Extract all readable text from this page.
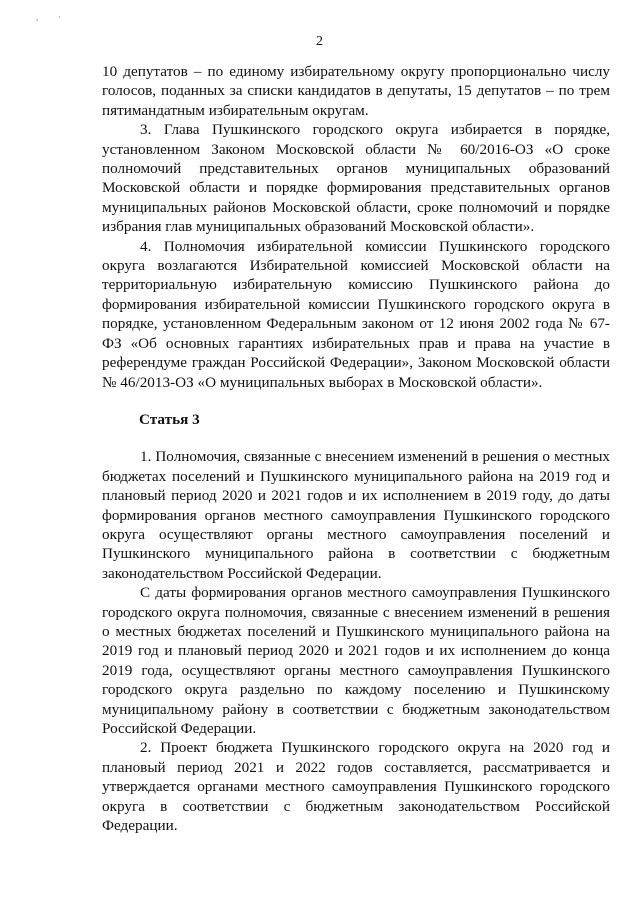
, ·
2

10 депутатов – по единому избирательному округу пропорционально числу голосов, поданных за списки кандидатов в депутаты, 15 депутатов – по трем пятимандатным избирательным округам.

3. Глава Пушкинского городского округа избирается в порядке, установленном Законом Московской области № 60/2016-ОЗ «О сроке полномочий представительных органов муниципальных образований Московской области и порядке формирования представительных органов муниципальных районов Московской области, сроке полномочий и порядке избрания глав муниципальных образований Московской области».

4. Полномочия избирательной комиссии Пушкинского городского округа возлагаются Избирательной комиссией Московской области на территориальную избирательную комиссию Пушкинского района до формирования избирательной комиссии Пушкинского городского округа в порядке, установленном Федеральным законом от 12 июня 2002 года № 67-ФЗ «Об основных гарантиях избирательных прав и права на участие в референдуме граждан Российской Федерации», Законом Московской области № 46/2013-ОЗ «О муниципальных выборах в Московской области».

Статья 3

1. Полномочия, связанные с внесением изменений в решения о местных бюджетах поселений и Пушкинского муниципального района на 2019 год и плановый период 2020 и 2021 годов и их исполнением в 2019 году, до даты формирования органов местного самоуправления Пушкинского городского округа осуществляют органы местного самоуправления поселений и Пушкинского муниципального района в соответствии с бюджетным законодательством Российской Федерации.

С даты формирования органов местного самоуправления Пушкинского городского округа полномочия, связанные с внесением изменений в решения о местных бюджетах поселений и Пушкинского муниципального района на 2019 год и плановый период 2020 и 2021 годов и их исполнением до конца 2019 года, осуществляют органы местного самоуправления Пушкинского городского округа раздельно по каждому поселению и Пушкинскому муниципальному району в соответствии с бюджетным законодательством Российской Федерации.

2. Проект бюджета Пушкинского городского округа на 2020 год и плановый период 2021 и 2022 годов составляется, рассматривается и утверждается органами местного самоуправления Пушкинского городского округа в соответствии с бюджетным законодательством Российской Федерации.
